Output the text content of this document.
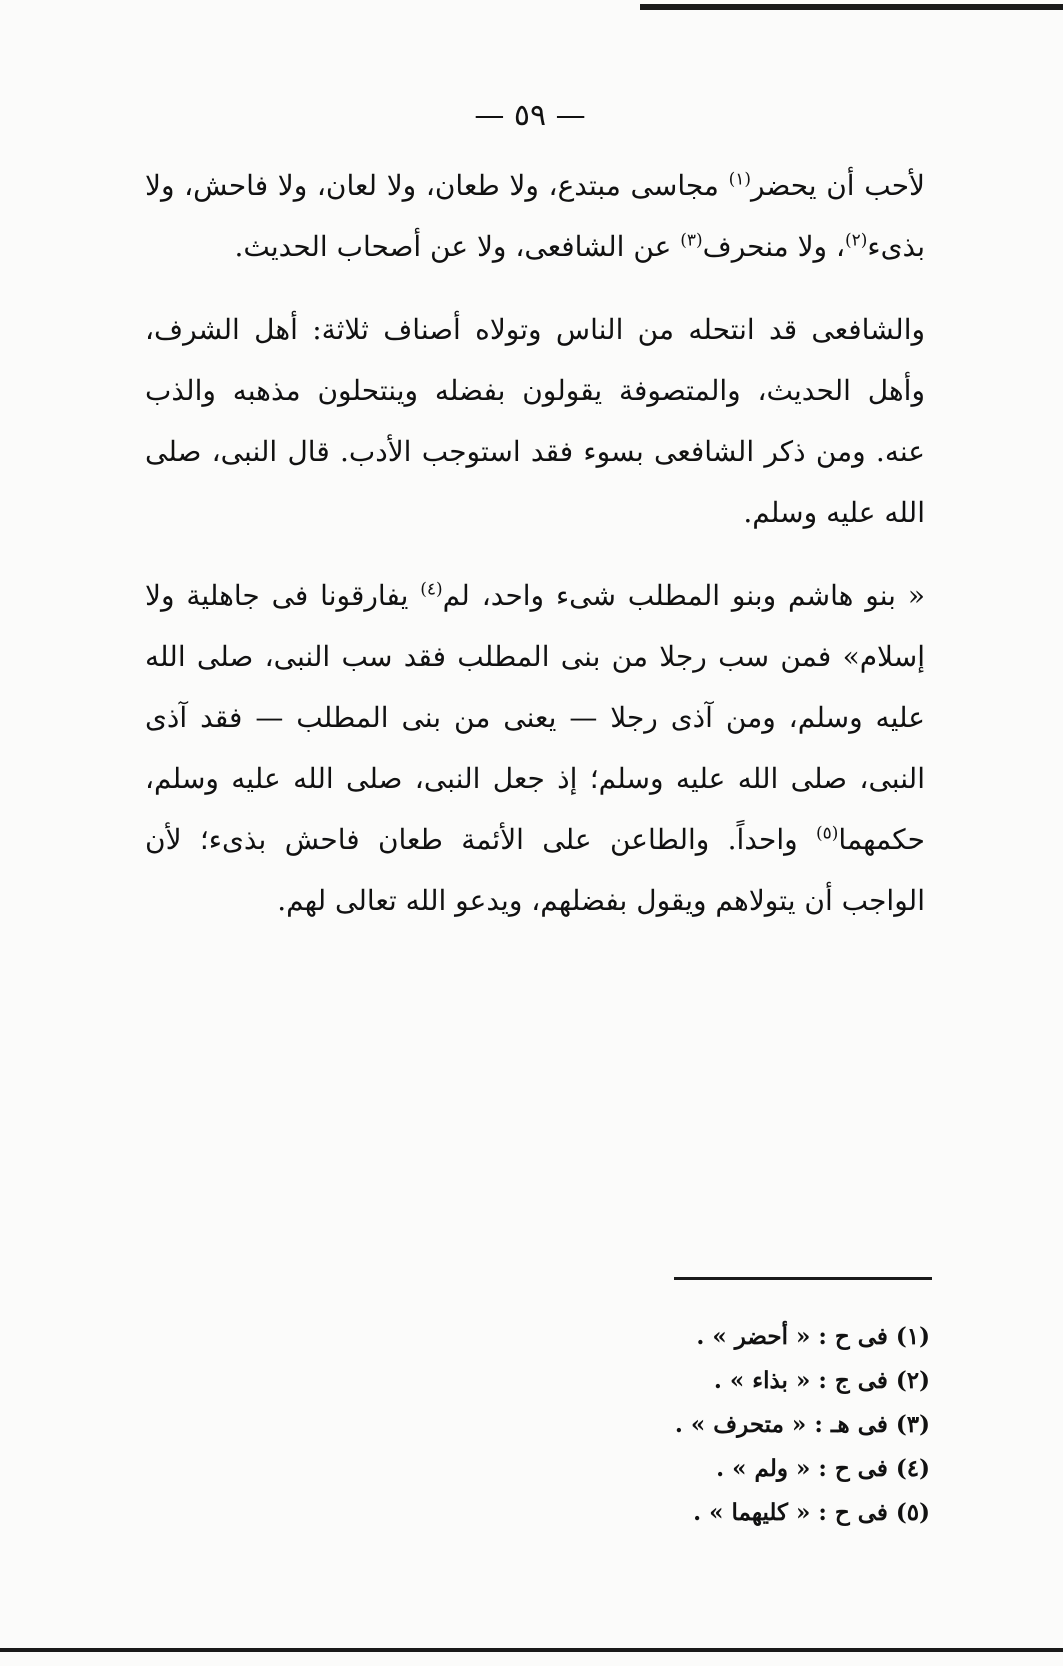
— ٥٩ —

لأحب أن يحضر$^{(١)}$ مجاسى مبتدع، ولا طعان، ولا لعان، ولا فاحش، ولا بذىء$^{(٢)}$، ولا منحرف$^{(٣)}$ عن الشافعى، ولا عن أصحاب الحديث.

والشافعى قد انتحله من الناس وتولاه أصناف ثلاثة: أهل الشرف، وأهل الحديث، والمتصوفة يقولون بفضله وينتحلون مذهبه والذب عنه. ومن ذكر الشافعى بسوء فقد استوجب الأدب. قال النبى، صلى الله عليه وسلم.

« بنو هاشم وبنو المطلب شىء واحد، لم$^{(٤)}$ يفارقونا فى جاهلية ولا إسلام» فمن سب رجلا من بنى المطلب فقد سب النبى، صلى الله عليه وسلم، ومن آذى رجلا — يعنى من بنى المطلب — فقد آذى النبى، صلى الله عليه وسلم؛ إذ جعل النبى، صلى الله عليه وسلم، حكمهما$^{(٥)}$ واحداً. والطاعن على الأئمة طعان فاحش بذىء؛ لأن الواجب أن يتولاهم ويقول بفضلهم، ويدعو الله تعالى لهم.

(١) فى ح : « أحضر » .
(٢) فى ج : « بذاء » .
(٣) فى هـ : « متحرف » .
(٤) فى ح : « ولم » .
(٥) فى ح : « كليهما » .
